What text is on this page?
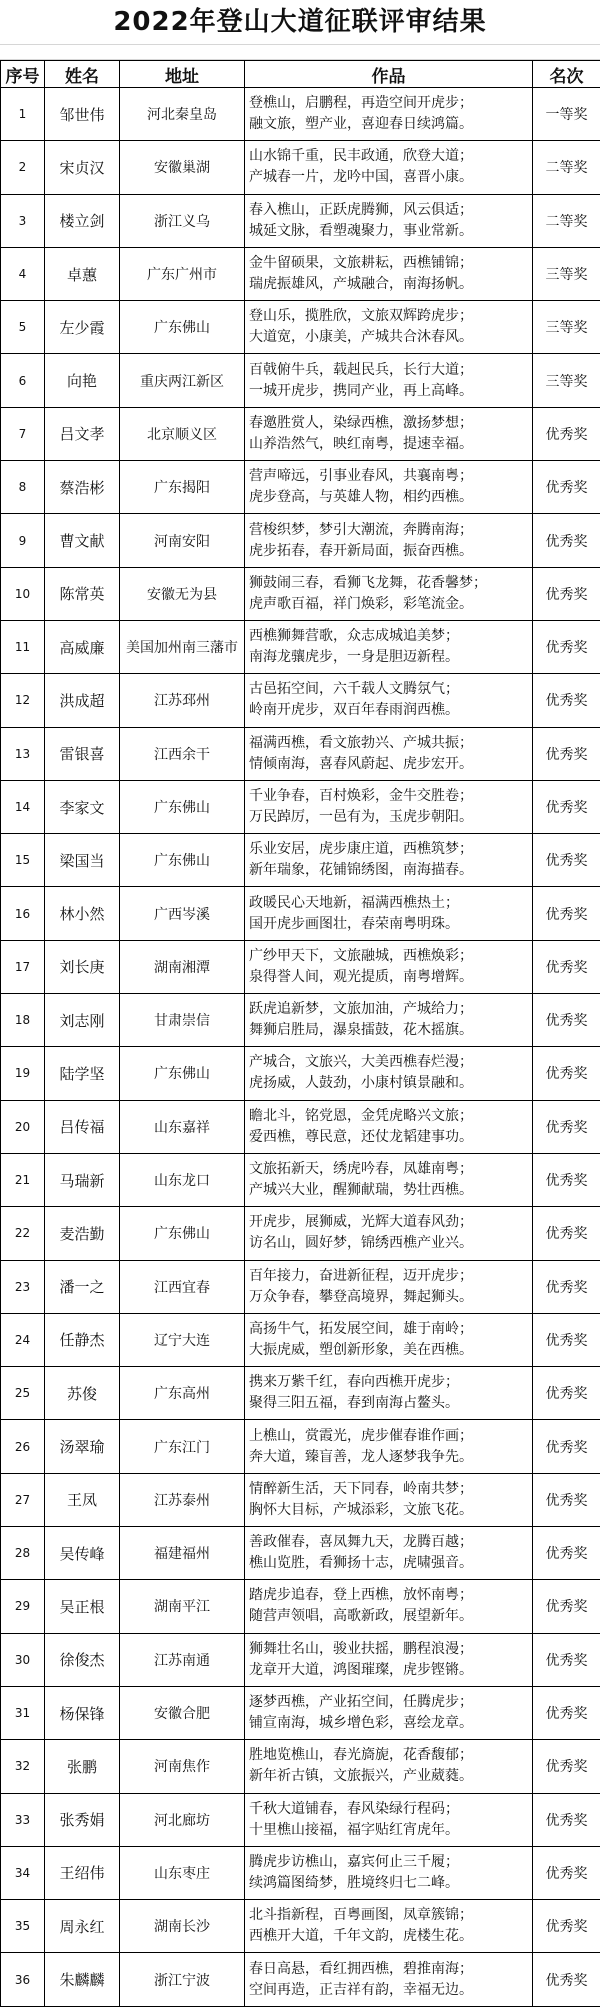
2022年登山大道征联评审结果
序号	姓名	地址	作品	名次

1	邹世伟	河北秦皇岛	登樵山，启鹏程，再造空间开虎步；
融文旅，塑产业，喜迎春日续鸿篇。	一等奖

2	宋贞汉	安徽巢湖	山水锦千重，民丰政通，欣登大道；
产城春一片，龙吟中国，喜晋小康。	二等奖

3	楼立剑	浙江义乌	春入樵山，正跃虎腾狮，风云俱适；
城延文脉，看塑魂聚力，事业常新。	二等奖

4	卓蕙	广东广州市	金牛留硕果，文旅耕耘，西樵铺锦；
瑞虎振雄风，产城融合，南海扬帆。	三等奖

5	左少霞	广东佛山	登山乐，揽胜欣，文旅双辉跨虎步；
大道宽，小康美，产城共合沐春风。	三等奖

6	向艳	重庆两江新区	百戟俯牛兵，载赳民兵，长行大道；
一城开虎步，携同产业，再上高峰。	三等奖

7	吕文孝	北京顺义区	春邀胜赏人，染绿西樵，激扬梦想；
山养浩然气，映红南粤，提速幸福。	优秀奖

8	蔡浩彬	广东揭阳	营声啼远，引事业春风，共襄南粤；
虎步登高，与英雄人物，相约西樵。	优秀奖

9	曹文献	河南安阳	营梭织梦，梦引大潮流，奔腾南海；
虎步拓春，春开新局面，振奋西樵。	优秀奖

10	陈常英	安徽无为县	狮鼓闹三春，看狮飞龙舞，花香馨梦；
虎声歌百福，祥门焕彩，彩笔流金。	优秀奖

11	高威廉	美国加州南三藩市	西樵狮舞营歌，众志成城追美梦；
南海龙骧虎步，一身是胆迈新程。	优秀奖

12	洪成超	江苏邳州	古邑拓空间，六千载人文腾氛气；
岭南开虎步，双百年春雨润西樵。	优秀奖

13	雷银喜	江西余干	福满西樵，看文旅勃兴、产城共振；
情倾南海，喜春风蔚起、虎步宏开。	优秀奖

14	李家文	广东佛山	千业争春，百村焕彩，金牛交胜卷；
万民踔厉，一邑有为，玉虎步朝阳。	优秀奖

15	梁国当	广东佛山	乐业安居，虎步康庄道，西樵筑梦；
新年瑞象，花铺锦绣图，南海描春。	优秀奖

16	林小然	广西岑溪	政暖民心天地新，福满西樵热土；
国开虎步画图壮，春荣南粤明珠。	优秀奖

17	刘长庚	湖南湘潭	广纱甲天下，文旅融城，西樵焕彩；
泉得誉人间，观光提质，南粤增辉。	优秀奖

18	刘志刚	甘肃崇信	跃虎追新梦，文旅加油，产城给力；
舞狮启胜局，瀑泉擂鼓，花木摇旗。	优秀奖

19	陆学坚	广东佛山	产城合，文旅兴，大美西樵春烂漫；
虎扬威，人鼓劲，小康村镇景融和。	优秀奖

20	吕传福	山东嘉祥	瞻北斗，铭党恩，金凭虎略兴文旅；
爱西樵，尊民意，还仗龙韬建事功。	优秀奖

21	马瑞新	山东龙口	文旅拓新天，绣虎吟春，凤雄南粤；
产城兴大业，醒狮献瑞，势壮西樵。	优秀奖

22	麦浩勤	广东佛山	开虎步，展狮威，光辉大道春风劲；
访名山，圆好梦，锦绣西樵产业兴。	优秀奖

23	潘一之	江西宜春	百年接力，奋进新征程，迈开虎步；
万众争春，攀登高境界，舞起狮头。	优秀奖

24	任静杰	辽宁大连	高扬牛气，拓发展空间，雄于南岭；
大振虎威，塑创新形象，美在西樵。	优秀奖

25	苏俊	广东高州	携来万紫千红，春向西樵开虎步；
聚得三阳五福，春到南海占鳌头。	优秀奖

26	汤翠瑜	广东江门	上樵山，赏霞光，虎步催春谁作画；
奔大道，臻盲善，龙人逐梦我争先。	优秀奖

27	王凤	江苏泰州	情醉新生活，天下同春，岭南共梦；
胸怀大目标，产城添彩，文旅飞花。	优秀奖

28	吴传峰	福建福州	善政催春，喜凤舞九天，龙腾百越；
樵山览胜，看狮扬十志，虎啸强音。	优秀奖

29	吴正根	湖南平江	踏虎步追春，登上西樵，放怀南粤；
随营声领唱，高歌新政，展望新年。	优秀奖

30	徐俊杰	江苏南通	狮舞壮名山，骏业扶摇，鹏程浪漫；
龙章开大道，鸿图璀璨，虎步铿锵。	优秀奖

31	杨保锋	安徽合肥	逐梦西樵，产业拓空间，任腾虎步；
铺宣南海，城乡增色彩，喜绘龙章。	优秀奖

32	张鹏	河南焦作	胜地览樵山，春光旖旎，花香馥郁；
新年祈古镇，文旅振兴，产业葳蕤。	优秀奖

33	张秀娟	河北廊坊	千秋大道铺春，春风染绿行程码；
十里樵山接福，福字贴红宵虎年。	优秀奖

34	王绍伟	山东枣庄	腾虎步访樵山，嘉宾何止三千履；
续鸿篇图绮梦，胜境终归七二峰。	优秀奖

35	周永红	湖南长沙	北斗指新程，百粤画图，凤章簇锦；
西樵开大道，千年文韵，虎楼生花。	优秀奖

36	朱麟麟	浙江宁波	春日高悬，看红拥西樵，碧推南海；
空间再造，正吉祥有韵，幸福无边。	优秀奖
